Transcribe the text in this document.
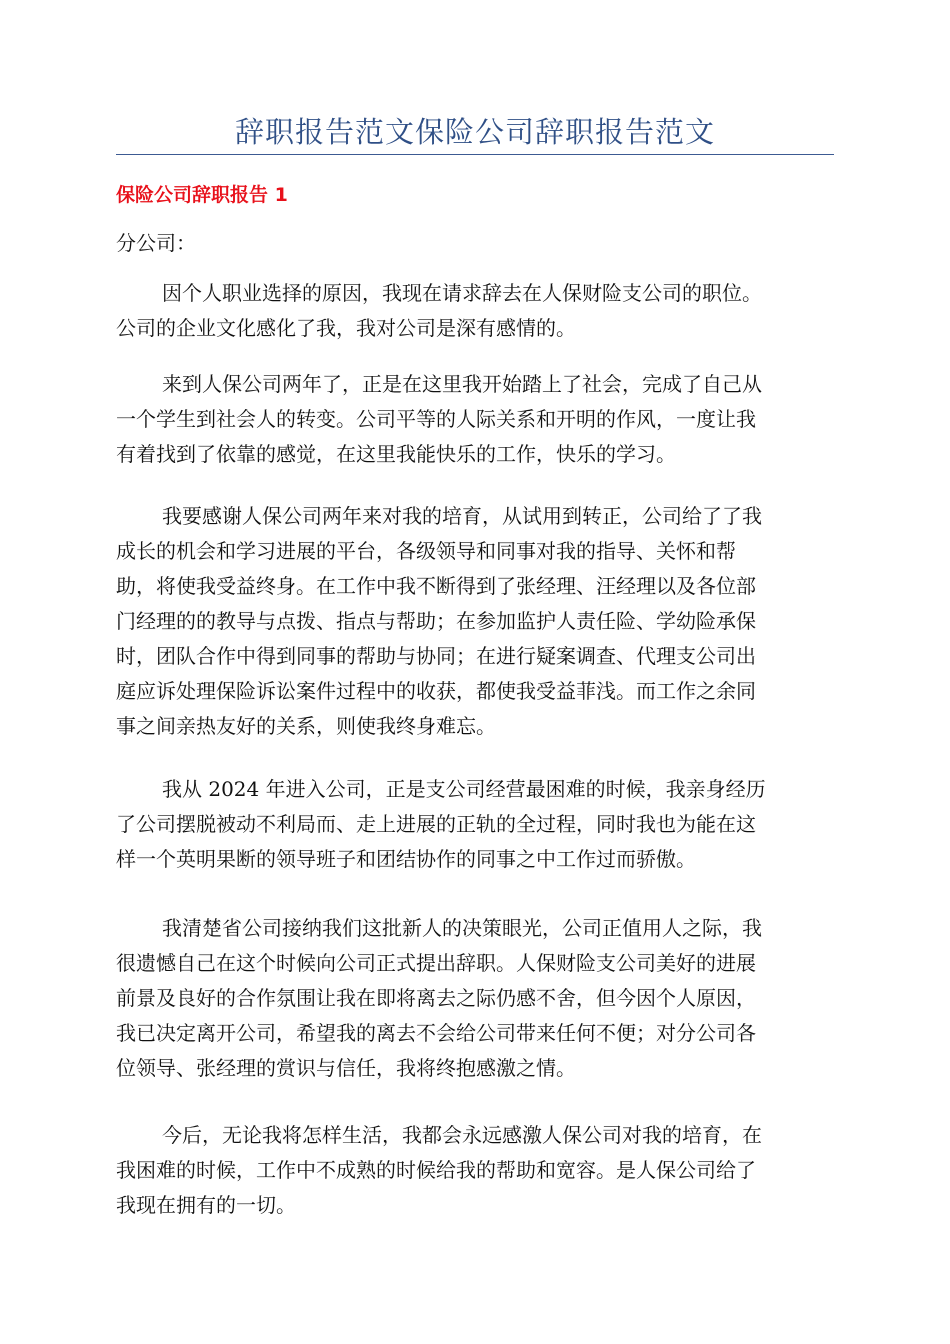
辞职报告范文保险公司辞职报告范文
保险公司辞职报告 1
分公司：
因个人职业选择的原因，我现在请求辞去在人保财险支公司的职位。
公司的企业文化感化了我，我对公司是深有感情的。
来到人保公司两年了，正是在这里我开始踏上了社会，完成了自己从
一个学生到社会人的转变。公司平等的人际关系和开明的作风，一度让我
有着找到了依靠的感觉，在这里我能快乐的工作，快乐的学习。
我要感谢人保公司两年来对我的培育，从试用到转正，公司给了了我
成长的机会和学习进展的平台，各级领导和同事对我的指导、关怀和帮
助，将使我受益终身。在工作中我不断得到了张经理、汪经理以及各位部
门经理的的教导与点拨、指点与帮助；在参加监护人责任险、学幼险承保
时，团队合作中得到同事的帮助与协同；在进行疑案调查、代理支公司出
庭应诉处理保险诉讼案件过程中的收获，都使我受益菲浅。而工作之余同
事之间亲热友好的关系，则使我终身难忘。
我从 2024 年进入公司，正是支公司经营最困难的时候，我亲身经历
了公司摆脱被动不利局而、走上进展的正轨的全过程，同时我也为能在这
样一个英明果断的领导班子和团结协作的同事之中工作过而骄傲。
我清楚省公司接纳我们这批新人的决策眼光，公司正值用人之际，我
很遗憾自己在这个时候向公司正式提出辞职。人保财险支公司美好的进展
前景及良好的合作氛围让我在即将离去之际仍感不舍，但今因个人原因，
我已决定离开公司，希望我的离去不会给公司带来任何不便；对分公司各
位领导、张经理的赏识与信任，我将终抱感激之情。
今后，无论我将怎样生活，我都会永远感激人保公司对我的培育，在
我困难的时候，工作中不成熟的时候给我的帮助和宽容。是人保公司给了
我现在拥有的一切。
